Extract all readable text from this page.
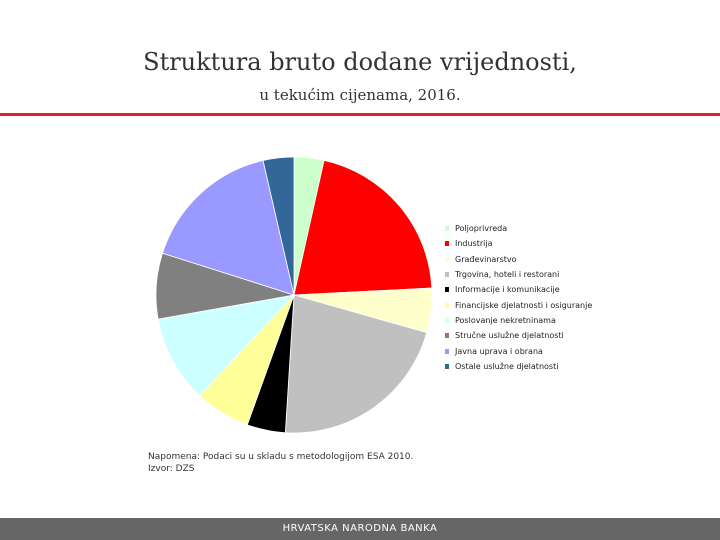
Struktura bruto dodane vrijednosti,
u tekućim cijenama, 2016.
Poljoprivreda
Industrija
Građevinarstvo
Trgovina, hoteli i restorani
Informacije i komunikacije
Financijske djelatnosti i osiguranje
Poslovanje nekretninama
Stručne uslužne djelatnosti
Javna uprava i obrana
Ostale uslužne djelatnosti
Napomena: Podaci su u skladu s metodologijom ESA 2010.
Izvor: DZS
HRVATSKA NARODNA BANKA
